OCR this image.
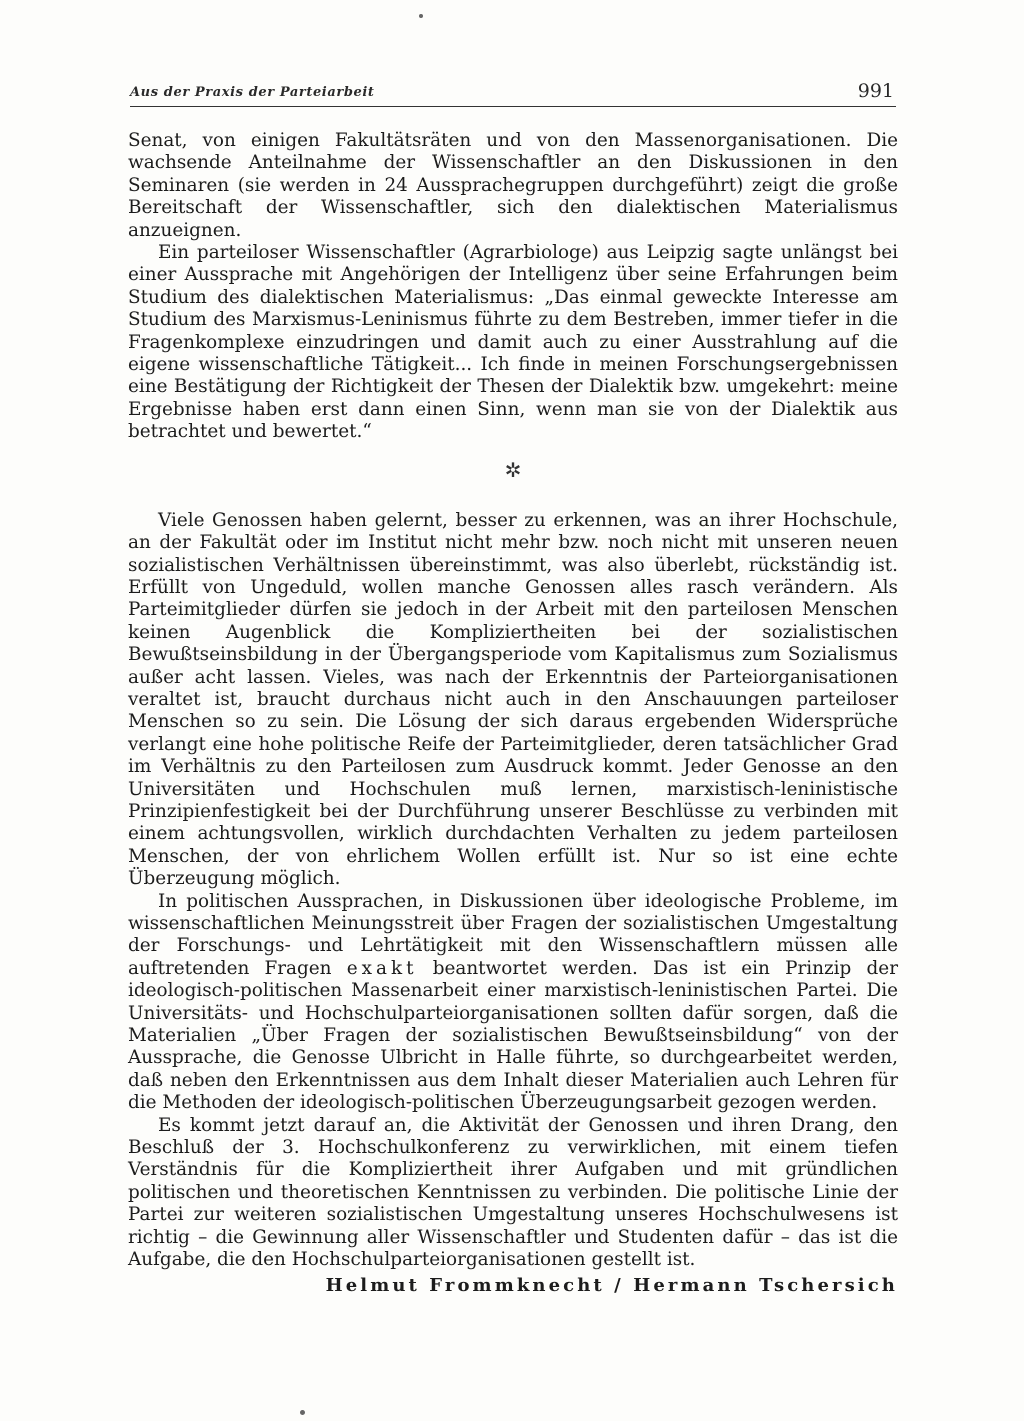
Aus der Praxis der Parteiarbeit	991

Senat, von einigen Fakultätsräten und von den Massenorganisationen. Die wachsende Anteilnahme der Wissenschaftler an den Diskussionen in den Seminaren (sie werden in 24 Aussprachegruppen durchgeführt) zeigt die große Bereitschaft der Wissenschaftler, sich den dialektischen Materialismus anzueignen.

Ein parteiloser Wissenschaftler (Agrarbiologe) aus Leipzig sagte unlängst bei einer Aussprache mit Angehörigen der Intelligenz über seine Erfahrungen beim Studium des dialektischen Materialismus: „Das einmal geweckte Interesse am Studium des Marxismus-Leninismus führte zu dem Bestreben, immer tiefer in die Fragenkomplexe einzudringen und damit auch zu einer Ausstrahlung auf die eigene wissenschaftliche Tätigkeit... Ich finde in meinen Forschungsergebnissen eine Bestätigung der Richtigkeit der Thesen der Dialektik bzw. umgekehrt: meine Ergebnisse haben erst dann einen Sinn, wenn man sie von der Dialektik aus betrachtet und bewertet.“

✲

Viele Genossen haben gelernt, besser zu erkennen, was an ihrer Hochschule, an der Fakultät oder im Institut nicht mehr bzw. noch nicht mit unseren neuen sozialistischen Verhältnissen übereinstimmt, was also überlebt, rückständig ist. Erfüllt von Ungeduld, wollen manche Genossen alles rasch verändern. Als Parteimitglieder dürfen sie jedoch in der Arbeit mit den parteilosen Menschen keinen Augenblick die Kompliziertheiten bei der sozialistischen Bewußtseinsbildung in der Übergangsperiode vom Kapitalismus zum Sozialismus außer acht lassen. Vieles, was nach der Erkenntnis der Parteiorganisationen veraltet ist, braucht durchaus nicht auch in den Anschauungen parteiloser Menschen so zu sein. Die Lösung der sich daraus ergebenden Widersprüche verlangt eine hohe politische Reife der Parteimitglieder, deren tatsächlicher Grad im Verhältnis zu den Parteilosen zum Ausdruck kommt. Jeder Genosse an den Universitäten und Hochschulen muß lernen, marxistisch-leninistische Prinzipienfestigkeit bei der Durchführung unserer Beschlüsse zu verbinden mit einem achtungsvollen, wirklich durchdachten Verhalten zu jedem parteilosen Menschen, der von ehrlichem Wollen erfüllt ist. Nur so ist eine echte Überzeugung möglich.

In politischen Aussprachen, in Diskussionen über ideologische Probleme, im wissenschaftlichen Meinungsstreit über Fragen der sozialistischen Umgestaltung der Forschungs- und Lehrtätigkeit mit den Wissenschaftlern müssen alle auftretenden Fragen exakt beantwortet werden. Das ist ein Prinzip der ideologisch-politischen Massenarbeit einer marxistisch-leninistischen Partei. Die Universitäts- und Hochschulparteiorganisationen sollten dafür sorgen, daß die Materialien „Über Fragen der sozialistischen Bewußtseinsbildung“ von der Aussprache, die Genosse Ulbricht in Halle führte, so durchgearbeitet werden, daß neben den Erkenntnissen aus dem Inhalt dieser Materialien auch Lehren für die Methoden der ideologisch-politischen Überzeugungsarbeit gezogen werden.

Es kommt jetzt darauf an, die Aktivität der Genossen und ihren Drang, den Beschluß der 3. Hochschulkonferenz zu verwirklichen, mit einem tiefen Verständnis für die Kompliziertheit ihrer Aufgaben und mit gründlichen politischen und theoretischen Kenntnissen zu verbinden. Die politische Linie der Partei zur weiteren sozialistischen Umgestaltung unseres Hochschulwesens ist richtig – die Gewinnung aller Wissenschaftler und Studenten dafür – das ist die Aufgabe, die den Hochschulparteiorganisationen gestellt ist.

Helmut Frommknecht / Hermann Tschersich
